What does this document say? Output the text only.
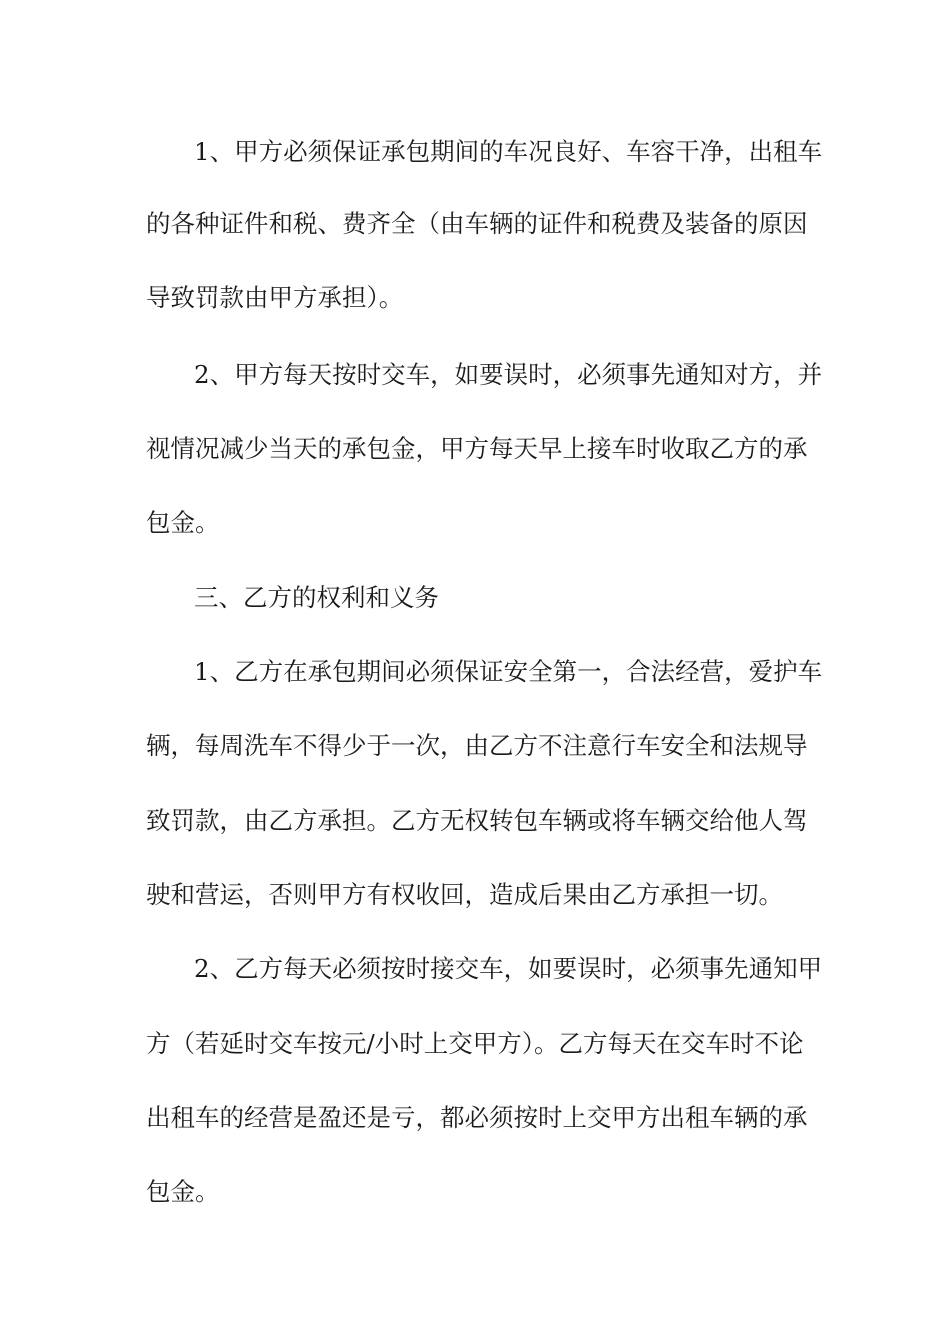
1、甲方必须保证承包期间的车况良好、车容干净，出租车
的各种证件和税、费齐全（由车辆的证件和税费及装备的原因
导致罚款由甲方承担）。
2、甲方每天按时交车，如要误时，必须事先通知对方，并
视情况减少当天的承包金，甲方每天早上接车时收取乙方的承
包金。
三、乙方的权利和义务
1、乙方在承包期间必须保证安全第一，合法经营，爱护车
辆，每周洗车不得少于一次，由乙方不注意行车安全和法规导
致罚款，由乙方承担。乙方无权转包车辆或将车辆交给他人驾
驶和营运，否则甲方有权收回，造成后果由乙方承担一切。
2、乙方每天必须按时接交车，如要误时，必须事先通知甲
方（若延时交车按元/小时上交甲方）。乙方每天在交车时不论
出租车的经营是盈还是亏，都必须按时上交甲方出租车辆的承
包金。
